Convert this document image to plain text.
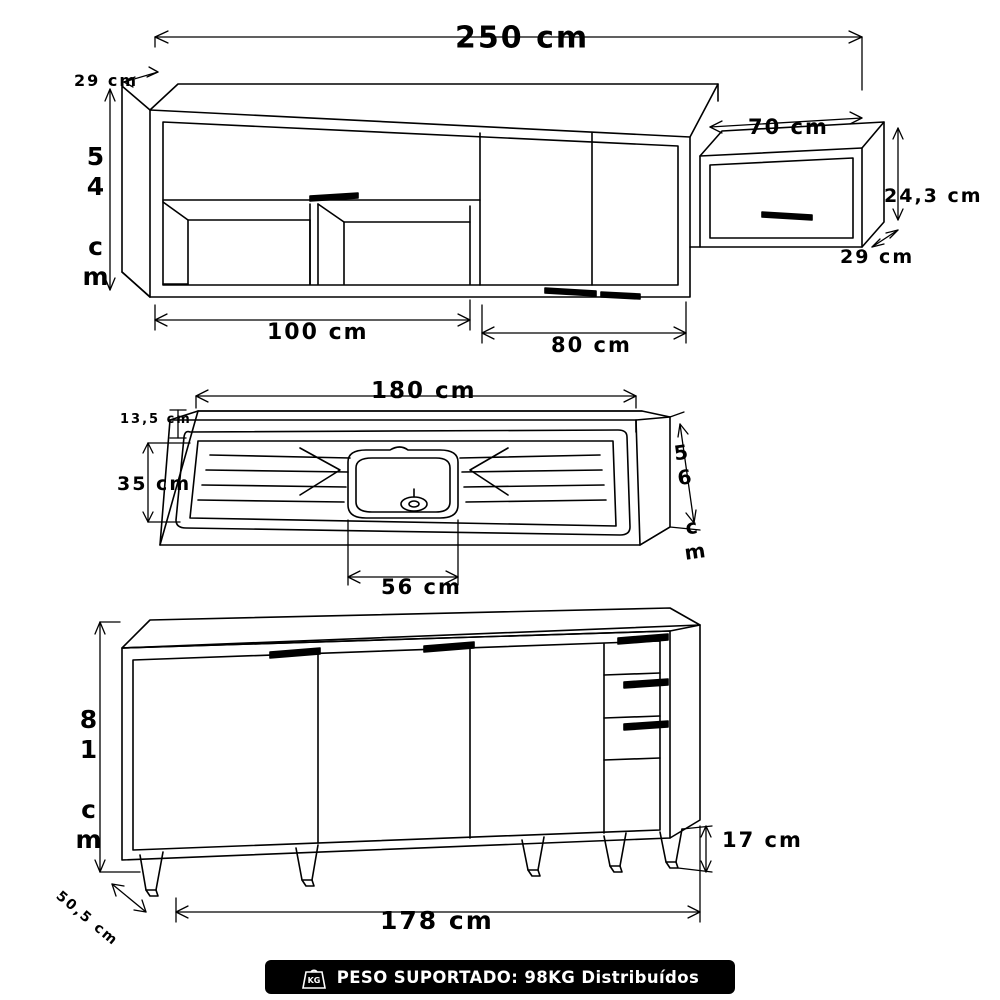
250 cm
29 cm
54 cm
70 cm
24,3 cm
29 cm
100 cm	80 cm
180 cm
13,5 cm
35 cm	56 cm
56 cm
81 cm	17 cm
50,5 cm	178 cm
KG PESO SUPORTADO: 98KG Distribuídos
